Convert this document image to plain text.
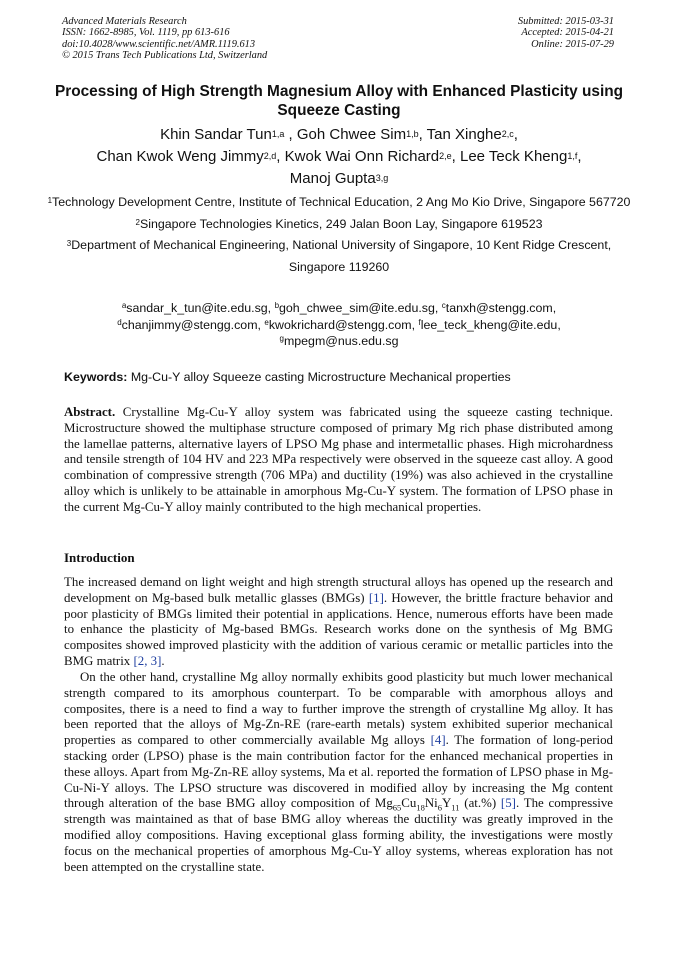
Advanced Materials Research
ISSN: 1662-8985, Vol. 1119, pp 613-616
doi:10.4028/www.scientific.net/AMR.1119.613
© 2015 Trans Tech Publications Ltd, Switzerland
Submitted: 2015-03-31
Accepted: 2015-04-21
Online: 2015-07-29
Processing of High Strength Magnesium Alloy with Enhanced Plasticity using Squeeze Casting
Khin Sandar Tun$^{1,a}$ , Goh Chwee Sim$^{1,b}$, Tan Xinghe$^{2,c}$,
Chan Kwok Weng Jimmy$^{2,d}$, Kwok Wai Onn Richard$^{2,e}$, Lee Teck Kheng$^{1,f}$,
Manoj Gupta$^{3,g}$
$^1$Technology Development Centre, Institute of Technical Education, 2 Ang Mo Kio Drive, Singapore 567720
$^2$Singapore Technologies Kinetics, 249 Jalan Boon Lay, Singapore 619523
$^3$Department of Mechanical Engineering, National University of Singapore, 10 Kent Ridge Crescent, Singapore 119260
$^a$sandar_k_tun@ite.edu.sg, $^b$goh_chwee_sim@ite.edu.sg, $^c$tanxh@stengg.com,
$^d$chanjimmy@stengg.com, $^e$kwokrichard@stengg.com, $^f$lee_teck_kheng@ite.edu,
$^g$mpegm@nus.edu.sg
Keywords: Mg-Cu-Y alloy Squeeze casting Microstructure Mechanical properties

Abstract. Crystalline Mg-Cu-Y alloy system was fabricated using the squeeze casting technique. Microstructure showed the multiphase structure composed of primary Mg rich phase distributed among the lamellae patterns, alternative layers of LPSO Mg phase and intermetallic phases. High microhardness and tensile strength of 104 HV and 223 MPa respectively were observed in the squeeze cast alloy. A good combination of compressive strength (706 MPa) and ductility (19%) was also achieved in the crystalline alloy which is unlikely to be attainable in amorphous Mg-Cu-Y system. The formation of LPSO phase in the current Mg-Cu-Y alloy mainly contributed to the high mechanical properties.

Introduction

The increased demand on light weight and high strength structural alloys has opened up the research and development on Mg-based bulk metallic glasses (BMGs) [1]. However, the brittle fracture behavior and poor plasticity of BMGs limited their potential in applications. Hence, numerous efforts have been made to enhance the plasticity of Mg-based BMGs. Research works done on the synthesis of Mg BMG composites showed improved plasticity with the addition of various ceramic or metallic particles into the BMG matrix [2, 3].

On the other hand, crystalline Mg alloy normally exhibits good plasticity but much lower mechanical strength compared to its amorphous counterpart. To be comparable with amorphous alloys and composites, there is a need to find a way to further improve the strength of crystalline Mg alloy. It has been reported that the alloys of Mg-Zn-RE (rare-earth metals) system exhibited superior mechanical properties as compared to other commercially available Mg alloys [4]. The formation of long-period stacking order (LPSO) phase is the main contribution factor for the enhanced mechanical properties in these alloys. Apart from Mg-Zn-RE alloy systems, Ma et al. reported the formation of LPSO phase in Mg-Cu-Ni-Y alloys. The LPSO structure was discovered in modified alloy by increasing the Mg content through alteration of the base BMG alloy composition of $Mg_{65}Cu_{18}Ni_6Y_{11}$ (at.%) [5]. The compressive strength was maintained as that of base BMG alloy whereas the ductility was greatly improved in the modified alloy compositions. Having exceptional glass forming ability, the investigations were mostly focus on the mechanical properties of amorphous Mg-Cu-Y alloy systems, whereas exploration has not been attempted on the crystalline state.
